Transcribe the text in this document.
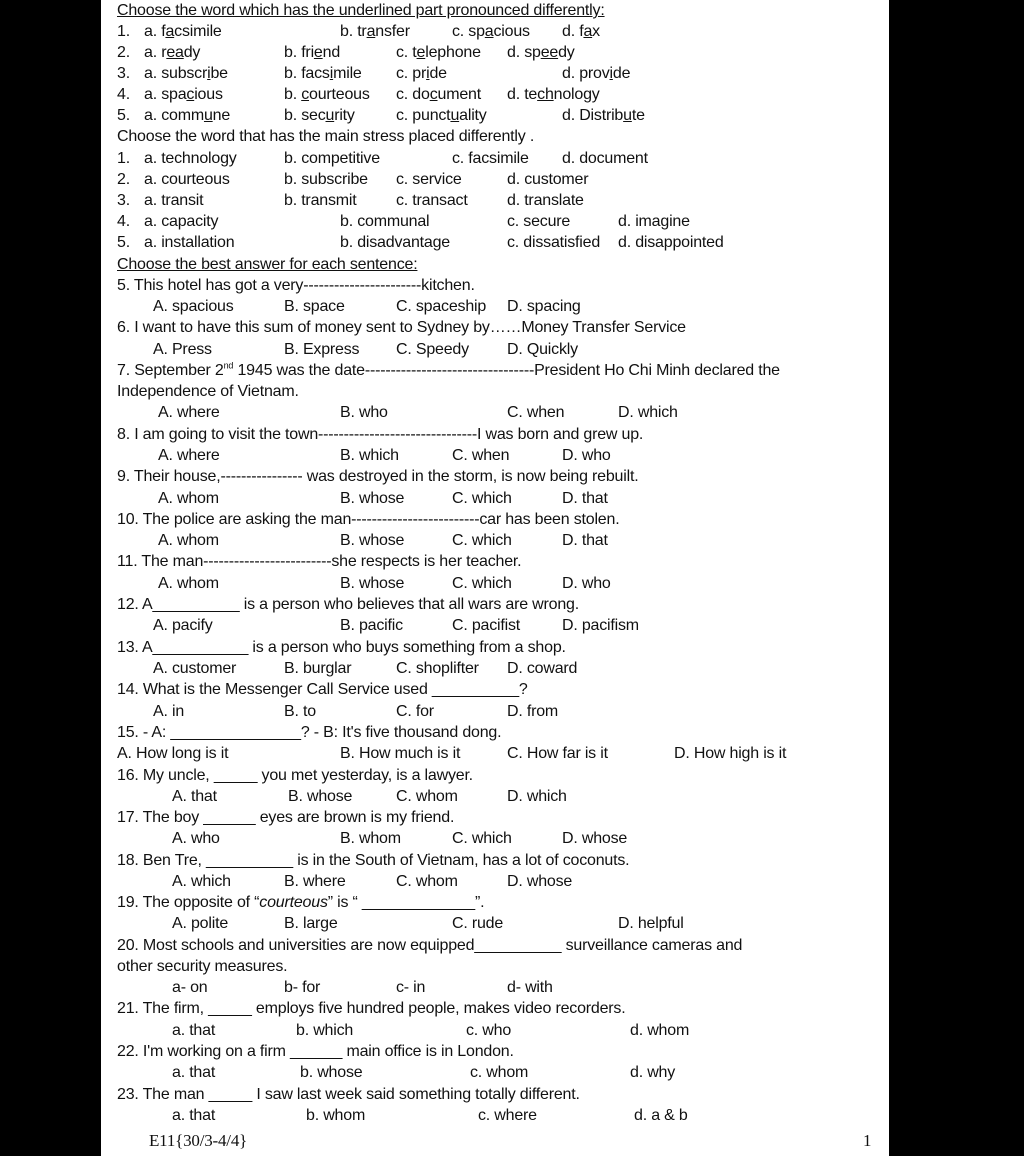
Choose the word which has the underlined part pronounced differently:
1. a. facsimile	b. transfer	c. spacious d. fax
2. a. ready	b. friend	c. telephone d. speedy
3. a. subscribe	b. facsimile c. pride	d. provide
4. a. spacious	b. courteous c. document d. technology
5. a. commune	b. security	c. punctuality	d. Distribute
Choose the word that has the main stress placed differently .
1. a. technology	b. competitive	c. facsimile d. document
2. a. courteous	b. subscribe c. service	d. customer
3. a. transit	b. transmit c. transact d. translate
4. a. capacity	b. communal	c. secure	d. imagine
5. a. installation	b. disadvantage	c. dissatisfied d. disappointed
Choose the best answer for each sentence:
5. This hotel has got a very-----------------------kitchen.
A. spacious	B. space	C. spaceship D. spacing
6. I want to have this sum of money sent to Sydney by……Money Transfer Service
A. Press	B. Express C. Speedy D. Quickly
7. September 2nd 1945 was the date---------------------------------President Ho Chi Minh declared the
Independence of Vietnam.
A. where	B. who	C. when	D. which
8. I am going to visit the town-------------------------------I was born and grew up.
A. where	B. which	C. when	D. who
9. Their house,---------------- was destroyed in the storm, is now being rebuilt.
A. whom	B. whose	C. which	D. that
10. The police are asking the man-------------------------car has been stolen.
A. whom	B. whose	C. which	D. that
11. The man-------------------------she respects is her teacher.
A. whom	B. whose	C. which	D. who
12. A__________ is a person who believes that all wars are wrong.
A. pacify	B. pacific	C. pacifist	D. pacifism
13. A___________ is a person who buys something from a shop.
A. customer	B. burglar	C. shoplifter D. coward
14. What is the Messenger Call Service used __________?
A. in	B. to	C. for	D. from
15. - A: _______________? - B: It's five thousand dong.
A. How long is it	B. How much is it	C. How far is it	D. How high is it
16. My uncle, _____ you met yesterday, is a lawyer.
A. that	B. whose	C. whom	D. which
17. The boy ______ eyes are brown is my friend.
A. who	B. whom	C. which	D. whose
18. Ben Tre, __________ is in the South of Vietnam, has a lot of coconuts.
A. which	B. where	C. whom	D. whose
19. The opposite of “courteous” is “ _____________”.
A. polite	B. large	C. rude	D. helpful
20. Most schools and universities are now equipped__________ surveillance cameras and
other security measures.
a- on	b- for	c- in	d- with
21. The firm, _____ employs five hundred people, makes video recorders.
a. that	b. which	c. who	d. whom
22. I'm working on a firm ______ main office is in London.
a. that	b. whose	c. whom	d. why
23. The man _____ I saw last week said something totally different.
a. that	b. whom	c. where	d. a & b
E11{30/3-4/4}	1
